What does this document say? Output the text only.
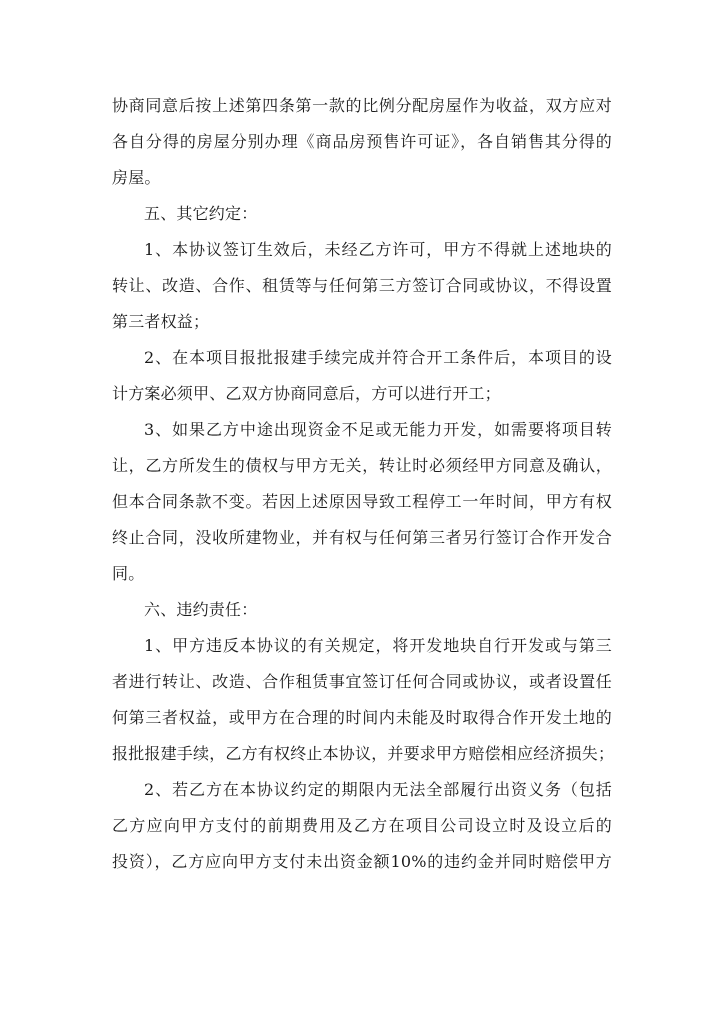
协商同意后按上述第四条第一款的比例分配房屋作为收益，双方应对
各自分得的房屋分别办理《商品房预售许可证》，各自销售其分得的
房屋。
五、其它约定：
1、本协议签订生效后，未经乙方许可，甲方不得就上述地块的
转让、改造、合作、租赁等与任何第三方签订合同或协议，不得设置
第三者权益；
2、在本项目报批报建手续完成并符合开工条件后，本项目的设
计方案必须甲、乙双方协商同意后，方可以进行开工；
3、如果乙方中途出现资金不足或无能力开发，如需要将项目转
让，乙方所发生的债权与甲方无关，转让时必须经甲方同意及确认，
但本合同条款不变。若因上述原因导致工程停工一年时间，甲方有权
终止合同，没收所建物业，并有权与任何第三者另行签订合作开发合
同。
六、违约责任：
1、甲方违反本协议的有关规定，将开发地块自行开发或与第三
者进行转让、改造、合作租赁事宜签订任何合同或协议，或者设置任
何第三者权益，或甲方在合理的时间内未能及时取得合作开发土地的
报批报建手续，乙方有权终止本协议，并要求甲方赔偿相应经济损失；
2、若乙方在本协议约定的期限内无法全部履行出资义务（包括
乙方应向甲方支付的前期费用及乙方在项目公司设立时及设立后的
投资），乙方应向甲方支付未出资金额10%的违约金并同时赔偿甲方
